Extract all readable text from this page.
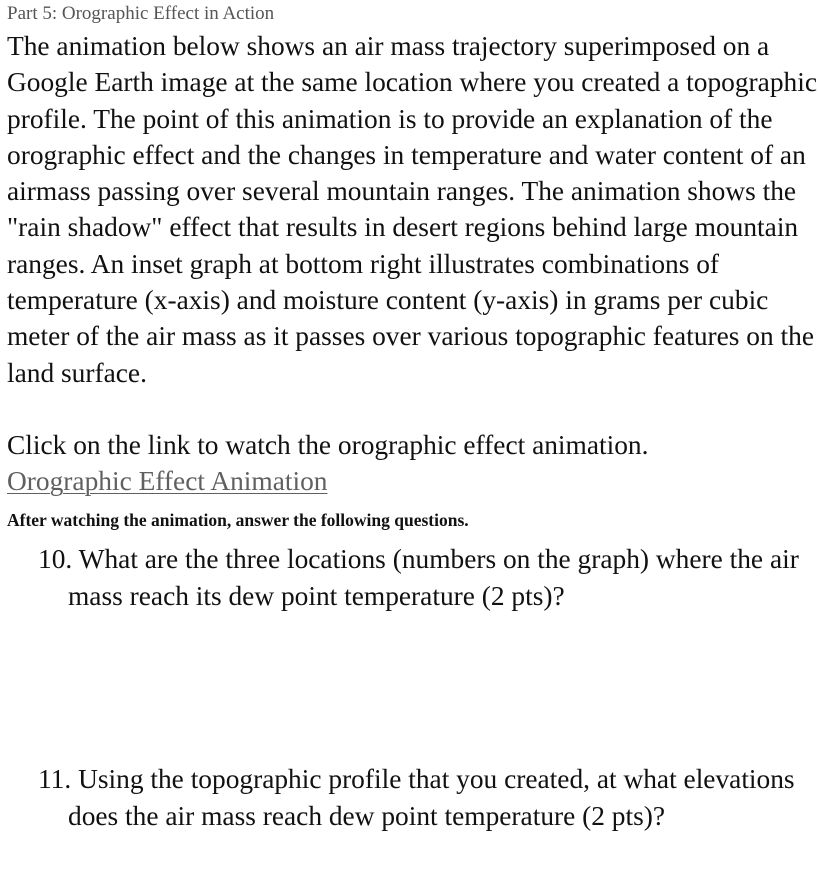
Part 5: Orographic Effect in Action

The animation below shows an air mass trajectory superimposed on a Google Earth image at the same location where you created a topographic profile. The point of this animation is to provide an explanation of the orographic effect and the changes in temperature and water content of an airmass passing over several mountain ranges. The animation shows the "rain shadow" effect that results in desert regions behind large mountain ranges. An inset graph at bottom right illustrates combinations of temperature (x-axis) and moisture content (y-axis) in grams per cubic meter of the air mass as it passes over various topographic features on the land surface.

Click on the link to watch the orographic effect animation.

Orographic Effect Animation

After watching the animation, answer the following questions.

10. What are the three locations (numbers on the graph) where the air mass reach its dew point temperature (2 pts)?
11. Using the topographic profile that you created, at what elevations does the air mass reach dew point temperature (2 pts)?
